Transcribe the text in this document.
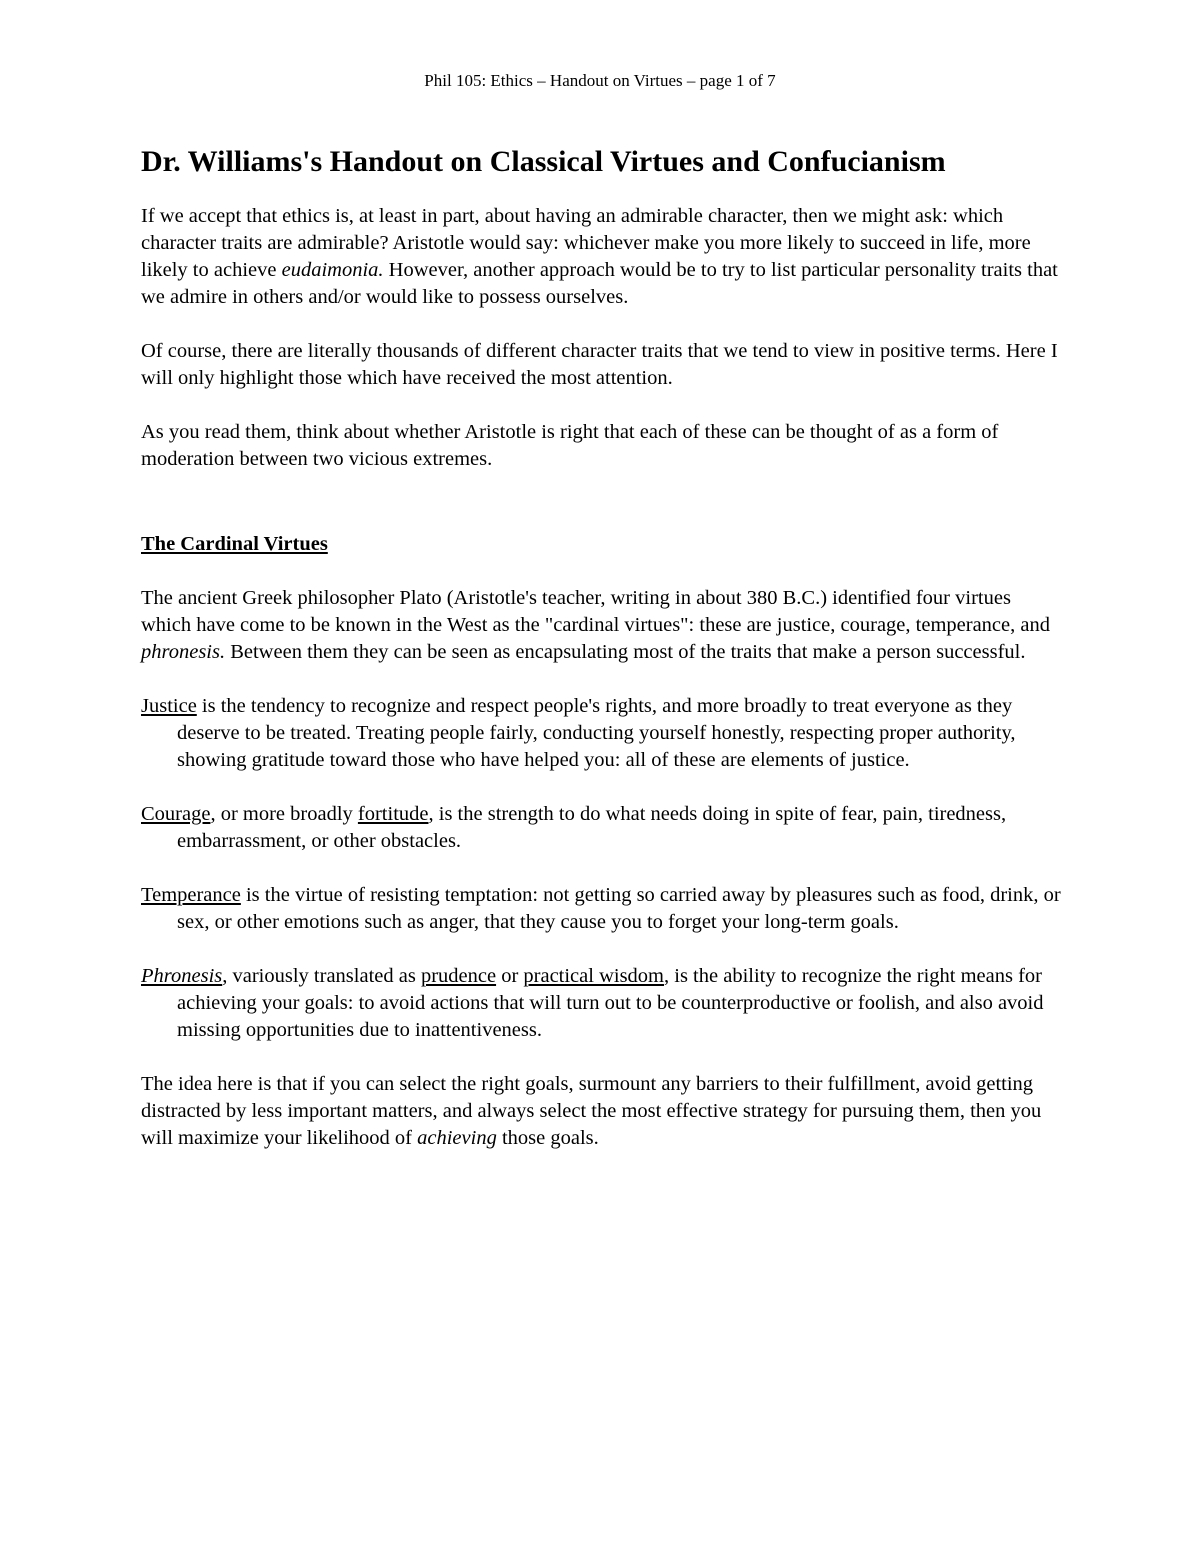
Phil 105: Ethics – Handout on Virtues – page 1 of 7
Dr. Williams's Handout on Classical Virtues and Confucianism

If we accept that ethics is, at least in part, about having an admirable character, then we might ask: which character traits are admirable? Aristotle would say: whichever make you more likely to succeed in life, more likely to achieve eudaimonia. However, another approach would be to try to list particular personality traits that we admire in others and/or would like to possess ourselves.

Of course, there are literally thousands of different character traits that we tend to view in positive terms. Here I will only highlight those which have received the most attention.

As you read them, think about whether Aristotle is right that each of these can be thought of as a form of moderation between two vicious extremes.

The Cardinal Virtues

The ancient Greek philosopher Plato (Aristotle's teacher, writing in about 380 B.C.) identified four virtues which have come to be known in the West as the "cardinal virtues": these are justice, courage, temperance, and phronesis. Between them they can be seen as encapsulating most of the traits that make a person successful.

Justice is the tendency to recognize and respect people's rights, and more broadly to treat everyone as they deserve to be treated. Treating people fairly, conducting yourself honestly, respecting proper authority, showing gratitude toward those who have helped you: all of these are elements of justice.

Courage, or more broadly fortitude, is the strength to do what needs doing in spite of fear, pain, tiredness, embarrassment, or other obstacles.

Temperance is the virtue of resisting temptation: not getting so carried away by pleasures such as food, drink, or sex, or other emotions such as anger, that they cause you to forget your long-term goals.

Phronesis, variously translated as prudence or practical wisdom, is the ability to recognize the right means for achieving your goals: to avoid actions that will turn out to be counterproductive or foolish, and also avoid missing opportunities due to inattentiveness.

The idea here is that if you can select the right goals, surmount any barriers to their fulfillment, avoid getting distracted by less important matters, and always select the most effective strategy for pursuing them, then you will maximize your likelihood of achieving those goals.
